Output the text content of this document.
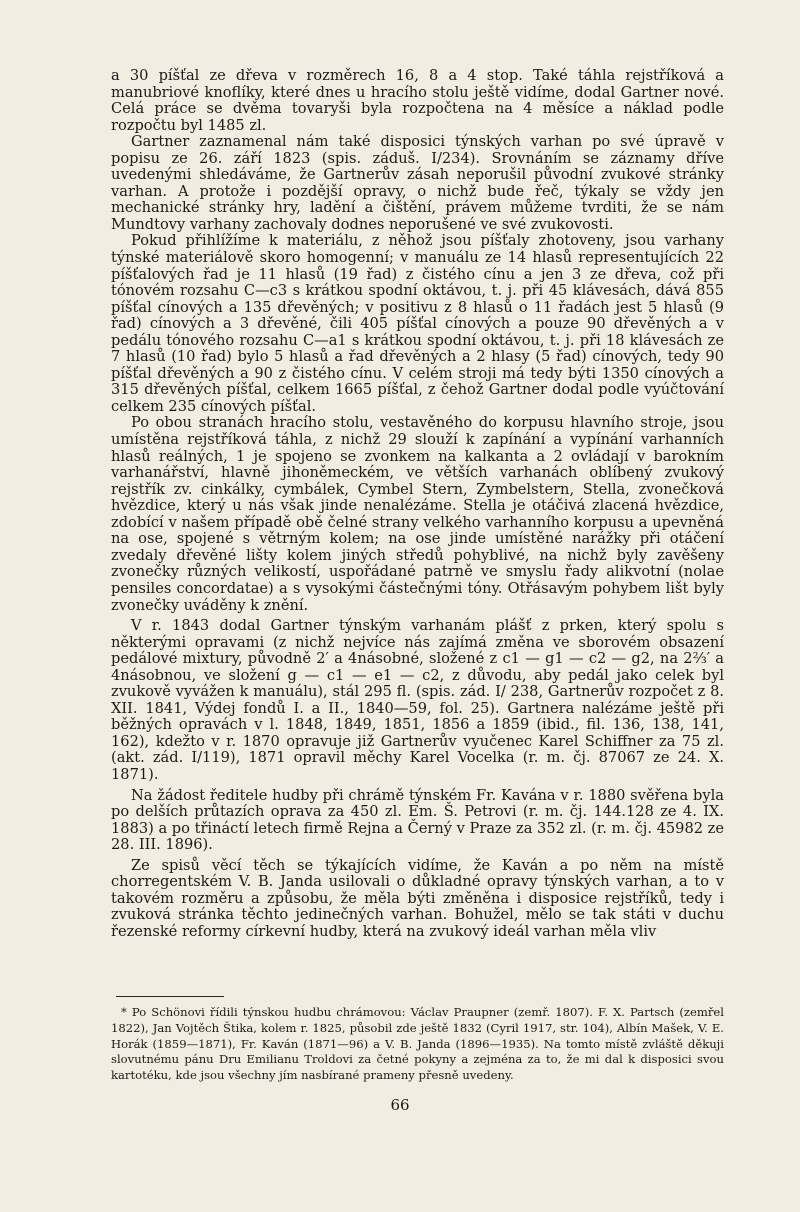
a 30 píšťal ze dřeva v rozměrech 16, 8 a 4 stop. Také táhla rejstříková a manubriové knoflíky, které dnes u hracího stolu ještě vidíme, dodal Gartner nové. Celá práce se dvěma tovaryši byla rozpočtena na 4 měsíce a náklad podle rozpočtu byl 1485 zl.

Gartner zaznamenal nám také disposici týnských varhan po své úpravě v popisu ze 26. září 1823 (spis. záduš. I/234). Srovnáním se záznamy dříve uvedenými shledáváme, že Gartnerův zásah neporušil původní zvukové stránky varhan. A protože i pozdější opravy, o nichž bude řeč, týkaly se vždy jen mechanické stránky hry, ladění a čištění, právem můžeme tvrditi, že se nám Mundtovy varhany zachovaly dodnes neporušené ve své zvukovosti.

Pokud přihlížíme k materiálu, z něhož jsou píšťaly zhotoveny, jsou varhany týnské materiálově skoro homogenní; v manuálu ze 14 hlasů representujících 22 píšťalových řad je 11 hlasů (19 řad) z čistého cínu a jen 3 ze dřeva, což při tónovém rozsahu C—c3 s krátkou spodní oktávou, t. j. při 45 klávesách, dává 855 píšťal cínových a 135 dřevěných; v positivu z 8 hlasů o 11 řadách jest 5 hlasů (9 řad) cínových a 3 dřevěné, čili 405 píšťal cínových a pouze 90 dřevěných a v pedálu tónového rozsahu C—a1 s krátkou spodní oktávou, t. j. při 18 klávesách ze 7 hlasů (10 řad) bylo 5 hlasů a řad dřevěných a 2 hlasy (5 řad) cínových, tedy 90 píšťal dřevěných a 90 z čistého cínu. V celém stroji má tedy býti 1350 cínových a 315 dřevěných píšťal, celkem 1665 píšťal, z čehož Gartner dodal podle vyúčtování celkem 235 cínových píšťal.

Po obou stranách hracího stolu, vestavěného do korpusu hlavního stroje, jsou umístěna rejstříková táhla, z nichž 29 slouží k zapínání a vypínání varhanních hlasů reálných, 1 je spojeno se zvonkem na kalkanta a 2 ovládají v barokním varhanářství, hlavně jihoněmeckém, ve větších varhanách oblíbený zvukový rejstřík zv. cinkálky, cymbálek, Cymbel Stern, Zymbelstern, Stella, zvonečková hvězdice, který u nás však jinde nenalézáme. Stella je otáčivá zlacená hvězdice, zdobící v našem případě obě čelné strany velkého varhanního korpusu a upevněná na ose, spojené s větrným kolem; na ose jinde umístěné narážky při otáčení zvedaly dřevěné lišty kolem jiných středů pohyblivé, na nichž byly zavěšeny zvonečky různých velikostí, uspořádané patrně ve smyslu řady alikvotní (nolae pensiles concordatae) a s vysokými částečnými tóny. Otřásavým pohybem lišt byly zvonečky uváděny k znění.

V r. 1843 dodal Gartner týnským varhanám plášť z prken, který spolu s některými opravami (z nichž nejvíce nás zajímá změna ve sborovém obsazení pedálové mixtury, původně 2′ a 4násobné, složené z c1 — g1 — c2 — g2, na 2⅔′ a 4násobnou, ve složení g — c1 — e1 — c2, z důvodu, aby pedál jako celek byl zvukově vyvážen k manuálu), stál 295 fl. (spis. zád. I/ 238, Gartnerův rozpočet z 8. XII. 1841, Výdej fondů I. a II., 1840—59, fol. 25). Gartnera nalézáme ještě při běžných opravách v l. 1848, 1849, 1851, 1856 a 1859 (ibid., fil. 136, 138, 141, 162), kdežto v r. 1870 opravuje již Gartnerův vyučenec Karel Schiffner za 75 zl. (akt. zád. I/119), 1871 opravil měchy Karel Vocelka (r. m. čj. 87067 ze 24. X. 1871).

Na žádost ředitele hudby při chrámě týnském Fr. Kavána v r. 1880 svěřena byla po delších průtazích oprava za 450 zl. Em. Š. Petrovi (r. m. čj. 144.128 ze 4. IX. 1883) a po třináctí letech firmě Rejna a Černý v Praze za 352 zl. (r. m. čj. 45982 ze 28. III. 1896).

Ze spisů věcí těch se týkajících vidíme, že Kaván a po něm na místě chorregentském V. B. Janda usilovali o důkladné opravy týnských varhan, a to v takovém rozměru a způsobu, že měla býti změněna i disposice rejstříků, tedy i zvuková stránka těchto jedinečných varhan. Bohužel, mělo se tak státi v duchu řezenské reformy církevní hudby, která na zvukový ideál varhan měla vliv

* Po Schönovi řídili týnskou hudbu chrámovou: Václav Praupner (zemř. 1807). F. X. Partsch (zemřel 1822), Jan Vojtěch Štika, kolem r. 1825, působil zde ještě 1832 (Cyril 1917, str. 104), Albín Mašek, V. E. Horák (1859—1871), Fr. Kaván (1871—96) a V. B. Janda (1896—1935). Na tomto místě zvláště děkuji slovutnému pánu Dru Emilianu Troldovi za četné pokyny a zejména za to, že mi dal k disposici svou kartotéku, kde jsou všechny jím nasbírané prameny přesně uvedeny.

66
